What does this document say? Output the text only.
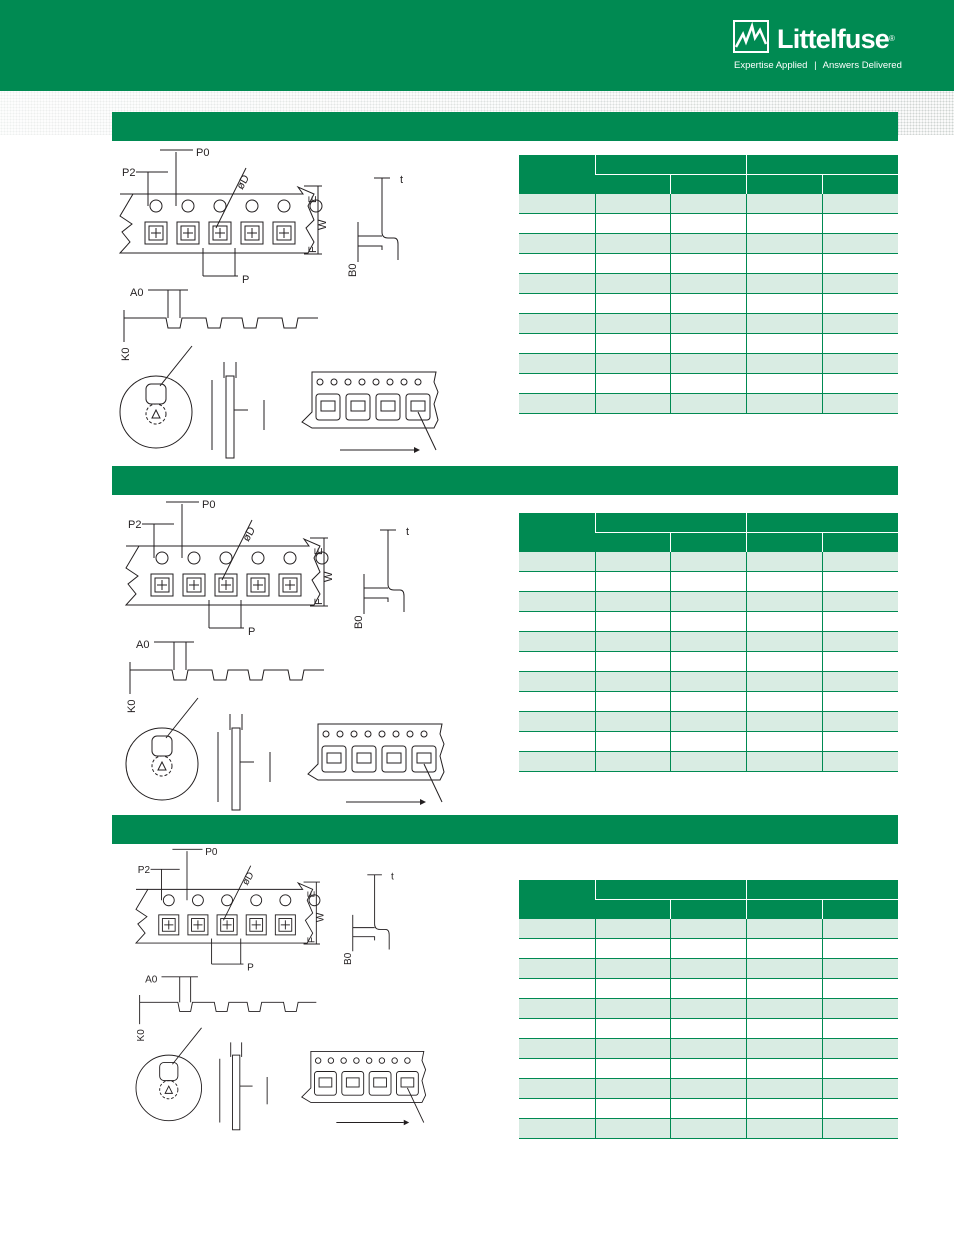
Littelfuse®
Expertise Applied | Answers Delivered
P0
P2	øD
E
W
F
P
t
B0
A0
K0
P0
P2	øD
E
W
F
P
t
B0
A0
K0
P0
P2	øD
E
W
F
P
t
B0
A0
K0
